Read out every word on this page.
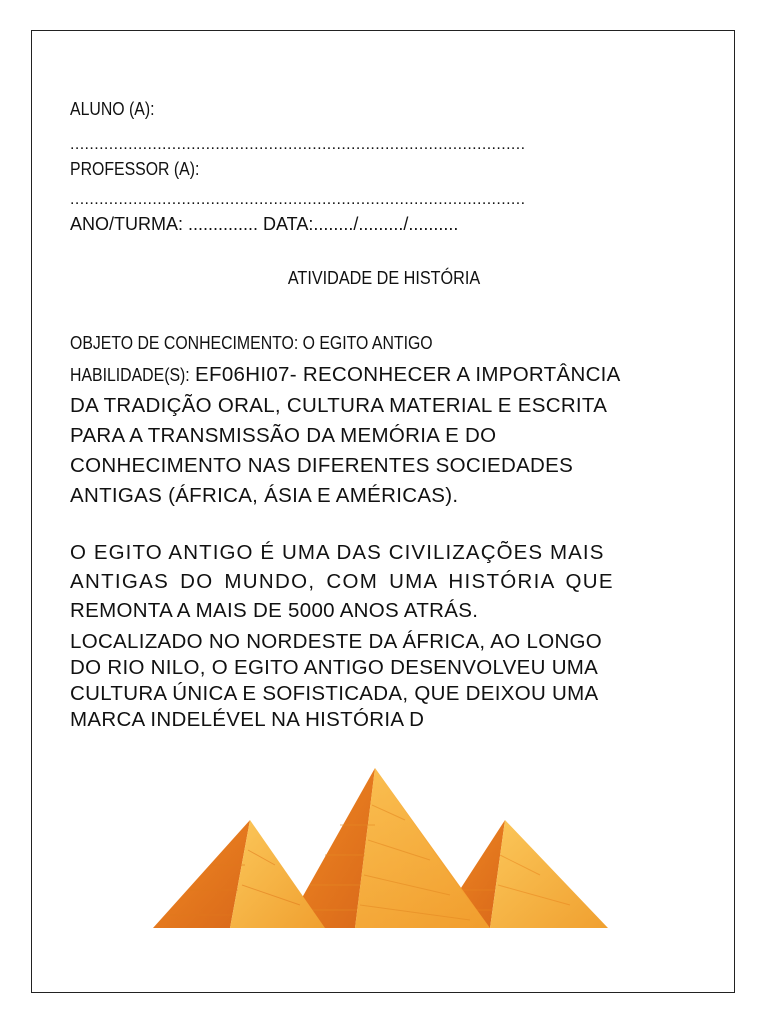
ALUNO (A):
..............................................................................................
PROFESSOR (A):
..............................................................................................
ANO/TURMA: .............. DATA:......../........./..........
ATIVIDADE DE HISTÓRIA
OBJETO DE CONHECIMENTO: O EGITO ANTIGO
HABILIDADE(S): EF06HI07- RECONHECER A IMPORTÂNCIA
DA TRADIÇÃO ORAL, CULTURA MATERIAL E ESCRITA
PARA A TRANSMISSÃO DA MEMÓRIA E DO
CONHECIMENTO NAS DIFERENTES SOCIEDADES
ANTIGAS (ÁFRICA, ÁSIA E AMÉRICAS).
O EGITO ANTIGO É UMA DAS CIVILIZAÇÕES MAIS
ANTIGAS DO MUNDO, COM UMA HISTÓRIA QUE
REMONTA A MAIS DE 5000 ANOS ATRÁS.
LOCALIZADO NO NORDESTE DA ÁFRICA, AO LONGO
DO RIO NILO, O EGITO ANTIGO DESENVOLVEU UMA
CULTURA ÚNICA E SOFISTICADA, QUE DEIXOU UMA
MARCA INDELÉVEL NA HISTÓRIA D
